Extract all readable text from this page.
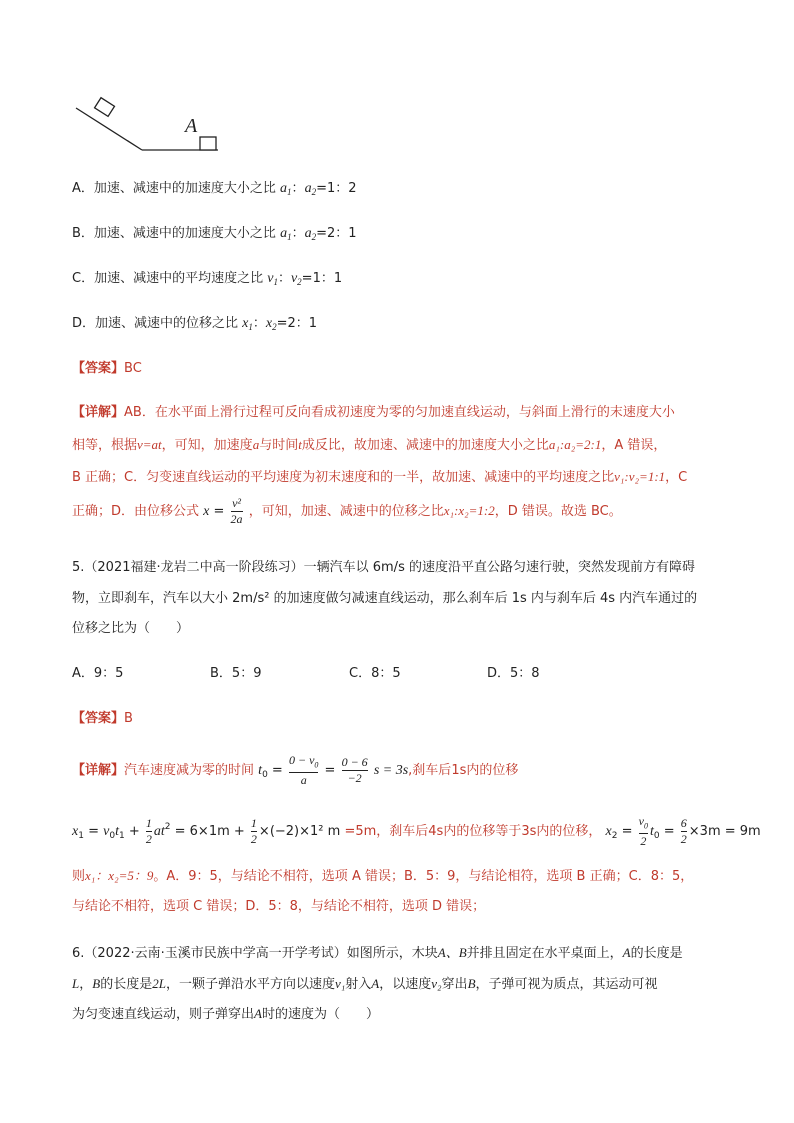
A
A．加速、减速中的加速度大小之比 $a_1$：$a_2=1$：2
B．加速、减速中的加速度大小之比 $a_1$：$a_2=2$：1
C．加速、减速中的平均速度之比 $v_1$：$v_2=1$：1
D．加速、减速中的位移之比 $x_1$：$x_2=2$：1
【答案】BC
【详解】AB．在水平面上滑行过程可反向看成初速度为零的匀加速直线运动，与斜面上滑行的末速度大小
相等，根据v=at，可知，加速度a与时间t成反比，故加速、减速中的加速度大小之比a₁:a₂=2:1，A 错误，
B 正确；C．匀变速直线运动的平均速度为初末速度和的一半，故加速、减速中的平均速度之比v₁:v₂=1:1，C
正确；D．由位移公式 $x = \frac{\text{v²}}{2a}$ ，可知，加速、减速中的位移之比x₁:x₂=1:2，D 错误。故选 BC。
5.（2021福建·龙岩二中高一阶段练习）一辆汽车以 6m/s 的速度沿平直公路匀速行驶，突然发现前方有障碍
物，立即刹车，汽车以大小 2m/s² 的加速度做匀减速直线运动，那么刹车后 1s 内与刹车后 4s 内汽车通过的
位移之比为（　　）
A．9：5	B．5：9	C．8：5	D．5：8
【答案】B
【详解】汽车速度减为零的时间 $t_0 = \frac{0 - v_0}{a} = \frac{0 - 6}{-2}$ s = 3s,刹车后1s内的位移
$x_1 = v_0t_1 + \frac{1}{2} at^2 = 6\times 1m + \frac{1}{2} \times(-2)\times 1^2$ m =5m，刹车后4s内的位移等于3s内的位移， $x_2 = \frac{v_0}{2} t_0 = \frac{6}{2} \times 3m = 9m$
则x₁：x₂=5：9。A．9：5，与结论不相符，选项 A 错误；B．5：9，与结论相符，选项 B 正确；C．8：5，
与结论不相符，选项 C 错误；D．5：8，与结论不相符，选项 D 错误；
6.（2022·云南·玉溪市民族中学高一开学考试）如图所示，木块A、B并排且固定在水平桌面上，A的长度是
L，B的长度是2L，一颗子弹沿水平方向以速度v₁射入A，以速度v₂穿出B，子弹可视为质点，其运动可视
为匀变速直线运动，则子弹穿出A时的速度为（　　）
